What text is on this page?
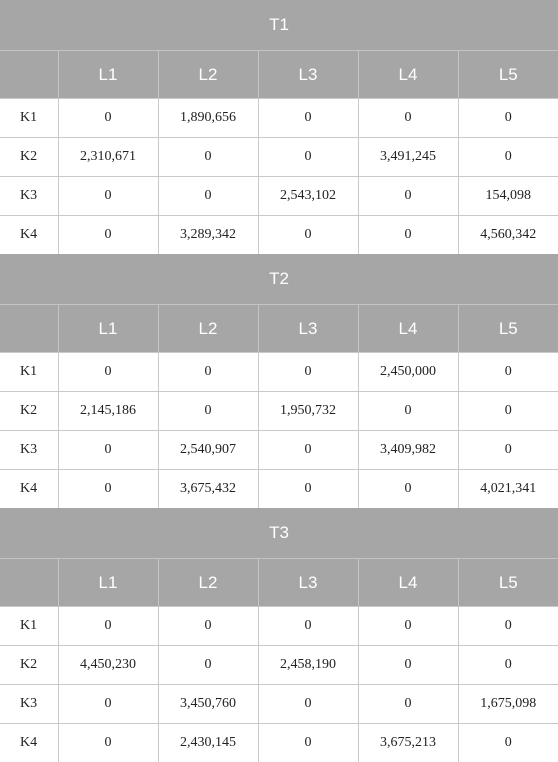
T1					
	L1	L2	L3	L4	L5
K1	0	1,890,656	0	0	0
K2	2,310,671	0	0	3,491,245	0
K3	0	0	2,543,102	0	154,098
K4	0	3,289,342	0	0	4,560,342
T2					
	L1	L2	L3	L4	L5
K1	0	0	0	2,450,000	0
K2	2,145,186	0	1,950,732	0	0
K3	0	2,540,907	0	3,409,982	0
K4	0	3,675,432	0	0	4,021,341
T3					
	L1	L2	L3	L4	L5
K1	0	0	0	0	0
K2	4,450,230	0	2,458,190	0	0
K3	0	3,450,760	0	0	1,675,098
K4	0	2,430,145	0	3,675,213	0
